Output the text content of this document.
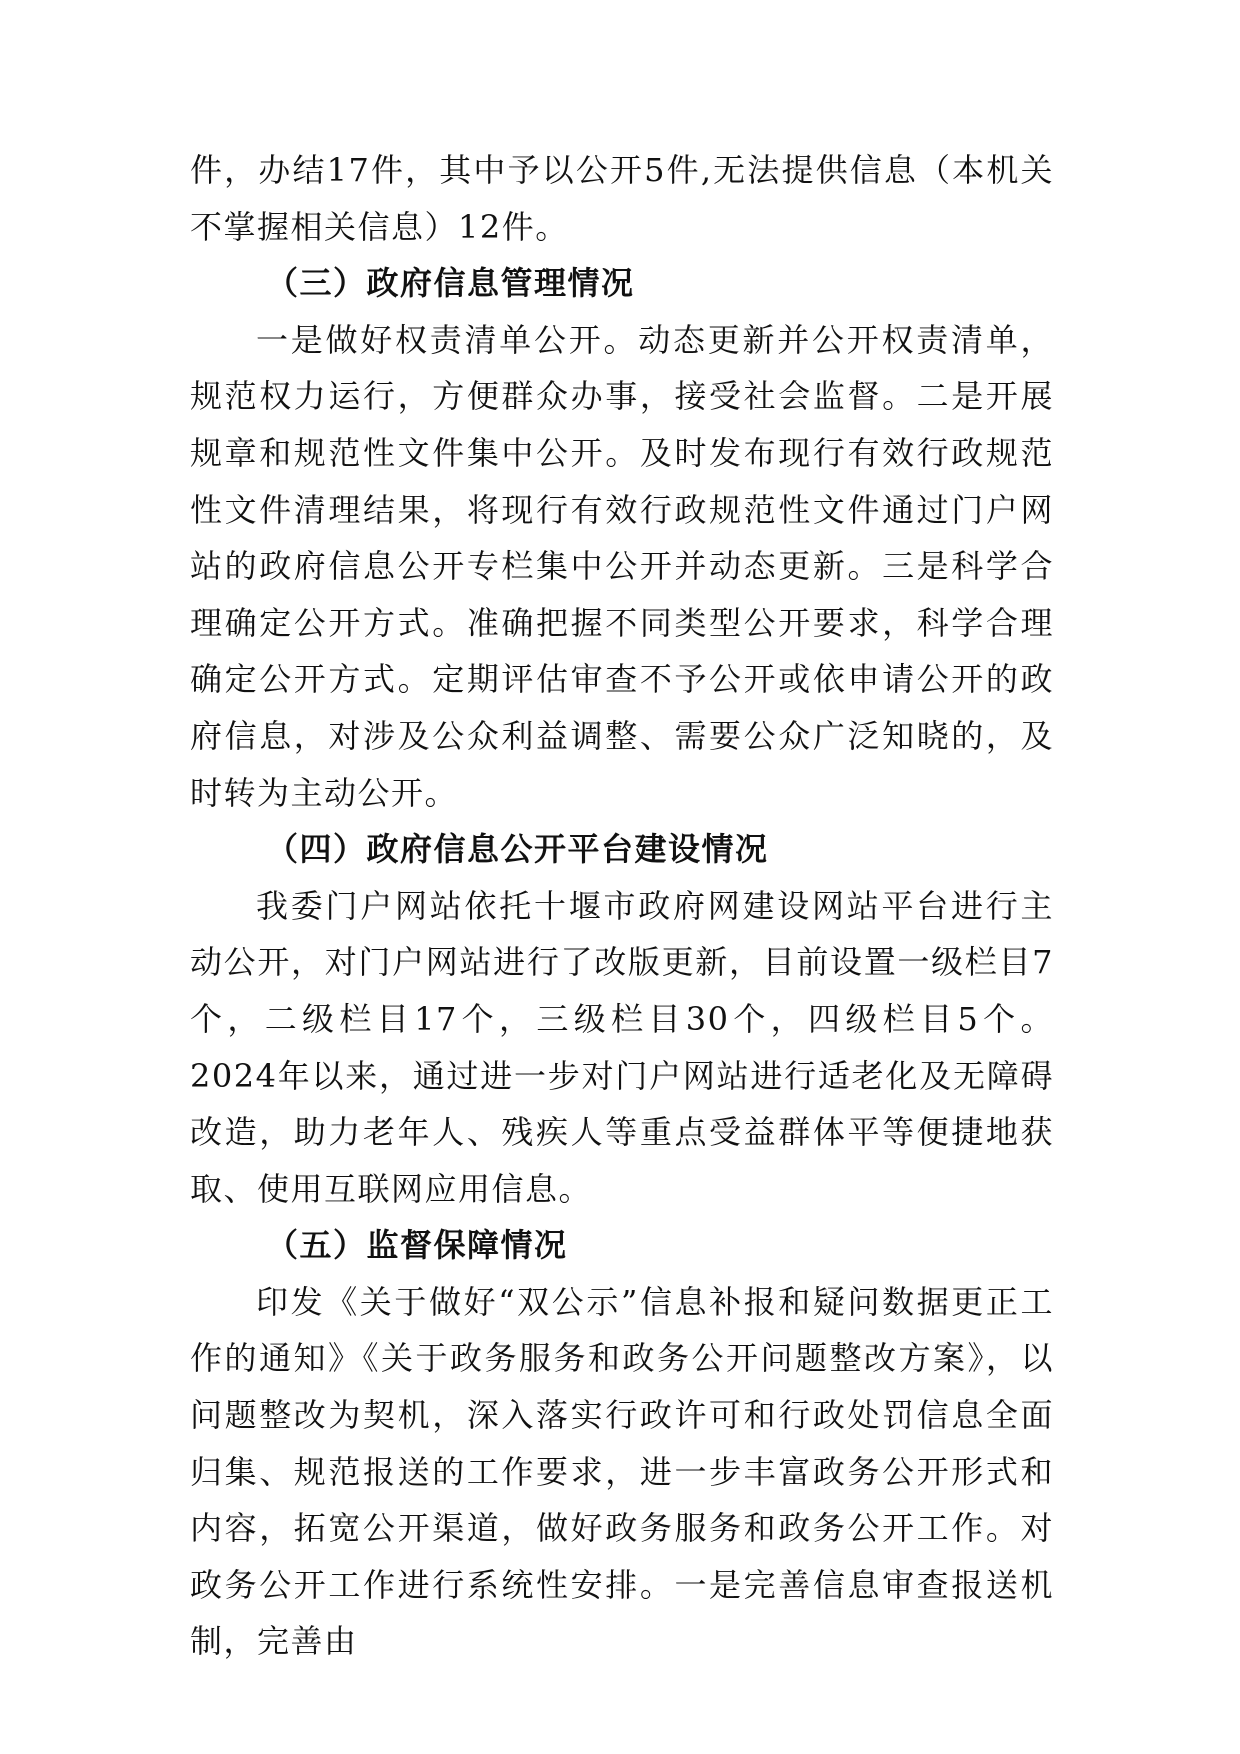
件，办结17件，其中予以公开5件,无法提供信息（本机关不掌握相关信息）12件。

（三）政府信息管理情况

一是做好权责清单公开。动态更新并公开权责清单，规范权力运行，方便群众办事，接受社会监督。二是开展规章和规范性文件集中公开。及时发布现行有效行政规范性文件清理结果，将现行有效行政规范性文件通过门户网站的政府信息公开专栏集中公开并动态更新。三是科学合理确定公开方式。准确把握不同类型公开要求，科学合理确定公开方式。定期评估审查不予公开或依申请公开的政府信息，对涉及公众利益调整、需要公众广泛知晓的，及时转为主动公开。

（四）政府信息公开平台建设情况

我委门户网站依托十堰市政府网建设网站平台进行主动公开，对门户网站进行了改版更新，目前设置一级栏目7个，二级栏目17个，三级栏目30个，四级栏目5个。2024年以来，通过进一步对门户网站进行适老化及无障碍改造，助力老年人、残疾人等重点受益群体平等便捷地获取、使用互联网应用信息。

（五）监督保障情况

印发《关于做好“双公示”信息补报和疑问数据更正工作的通知》《关于政务服务和政务公开问题整改方案》，以问题整改为契机，深入落实行政许可和行政处罚信息全面归集、规范报送的工作要求，进一步丰富政务公开形式和内容，拓宽公开渠道，做好政务服务和政务公开工作。对政务公开工作进行系统性安排。一是完善信息审查报送机制，完善由
